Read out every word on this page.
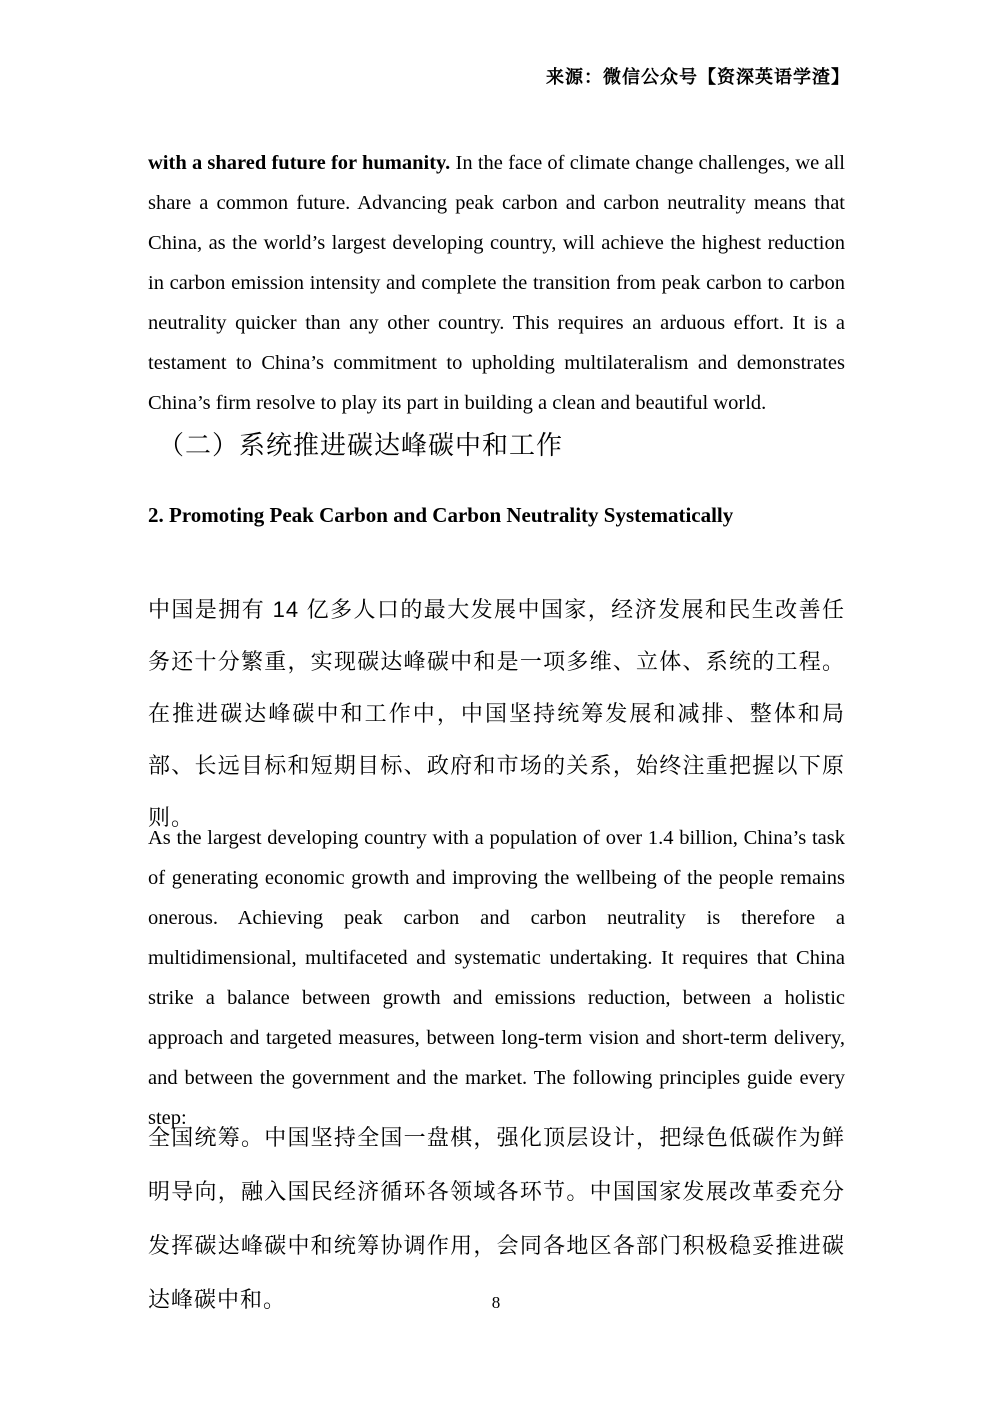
来源：微信公众号【资深英语学渣】

with a shared future for humanity. In the face of climate change challenges, we all share a common future. Advancing peak carbon and carbon neutrality means that China, as the world’s largest developing country, will achieve the highest reduction in carbon emission intensity and complete the transition from peak carbon to carbon neutrality quicker than any other country. This requires an arduous effort. It is a testament to China’s commitment to upholding multilateralism and demonstrates China’s firm resolve to play its part in building a clean and beautiful world.

（二）系统推进碳达峰碳中和工作
2. Promoting Peak Carbon and Carbon Neutrality Systematically

中国是拥有 14 亿多人口的最大发展中国家，经济发展和民生改善任务还十分繁重，实现碳达峰碳中和是一项多维、立体、系统的工程。在推进碳达峰碳中和工作中，中国坚持统筹发展和减排、整体和局部、长远目标和短期目标、政府和市场的关系，始终注重把握以下原则。

As the largest developing country with a population of over 1.4 billion, China’s task of generating economic growth and improving the wellbeing of the people remains onerous. Achieving peak carbon and carbon neutrality is therefore a multidimensional, multifaceted and systematic undertaking. It requires that China strike a balance between growth and emissions reduction, between a holistic approach and targeted measures, between long-term vision and short-term delivery, and between the government and the market. The following principles guide every step:

全国统筹。中国坚持全国一盘棋，强化顶层设计，把绿色低碳作为鲜明导向，融入国民经济循环各领域各环节。中国国家发展改革委充分发挥碳达峰碳中和统筹协调作用，会同各地区各部门积极稳妥推进碳达峰碳中和。	8
